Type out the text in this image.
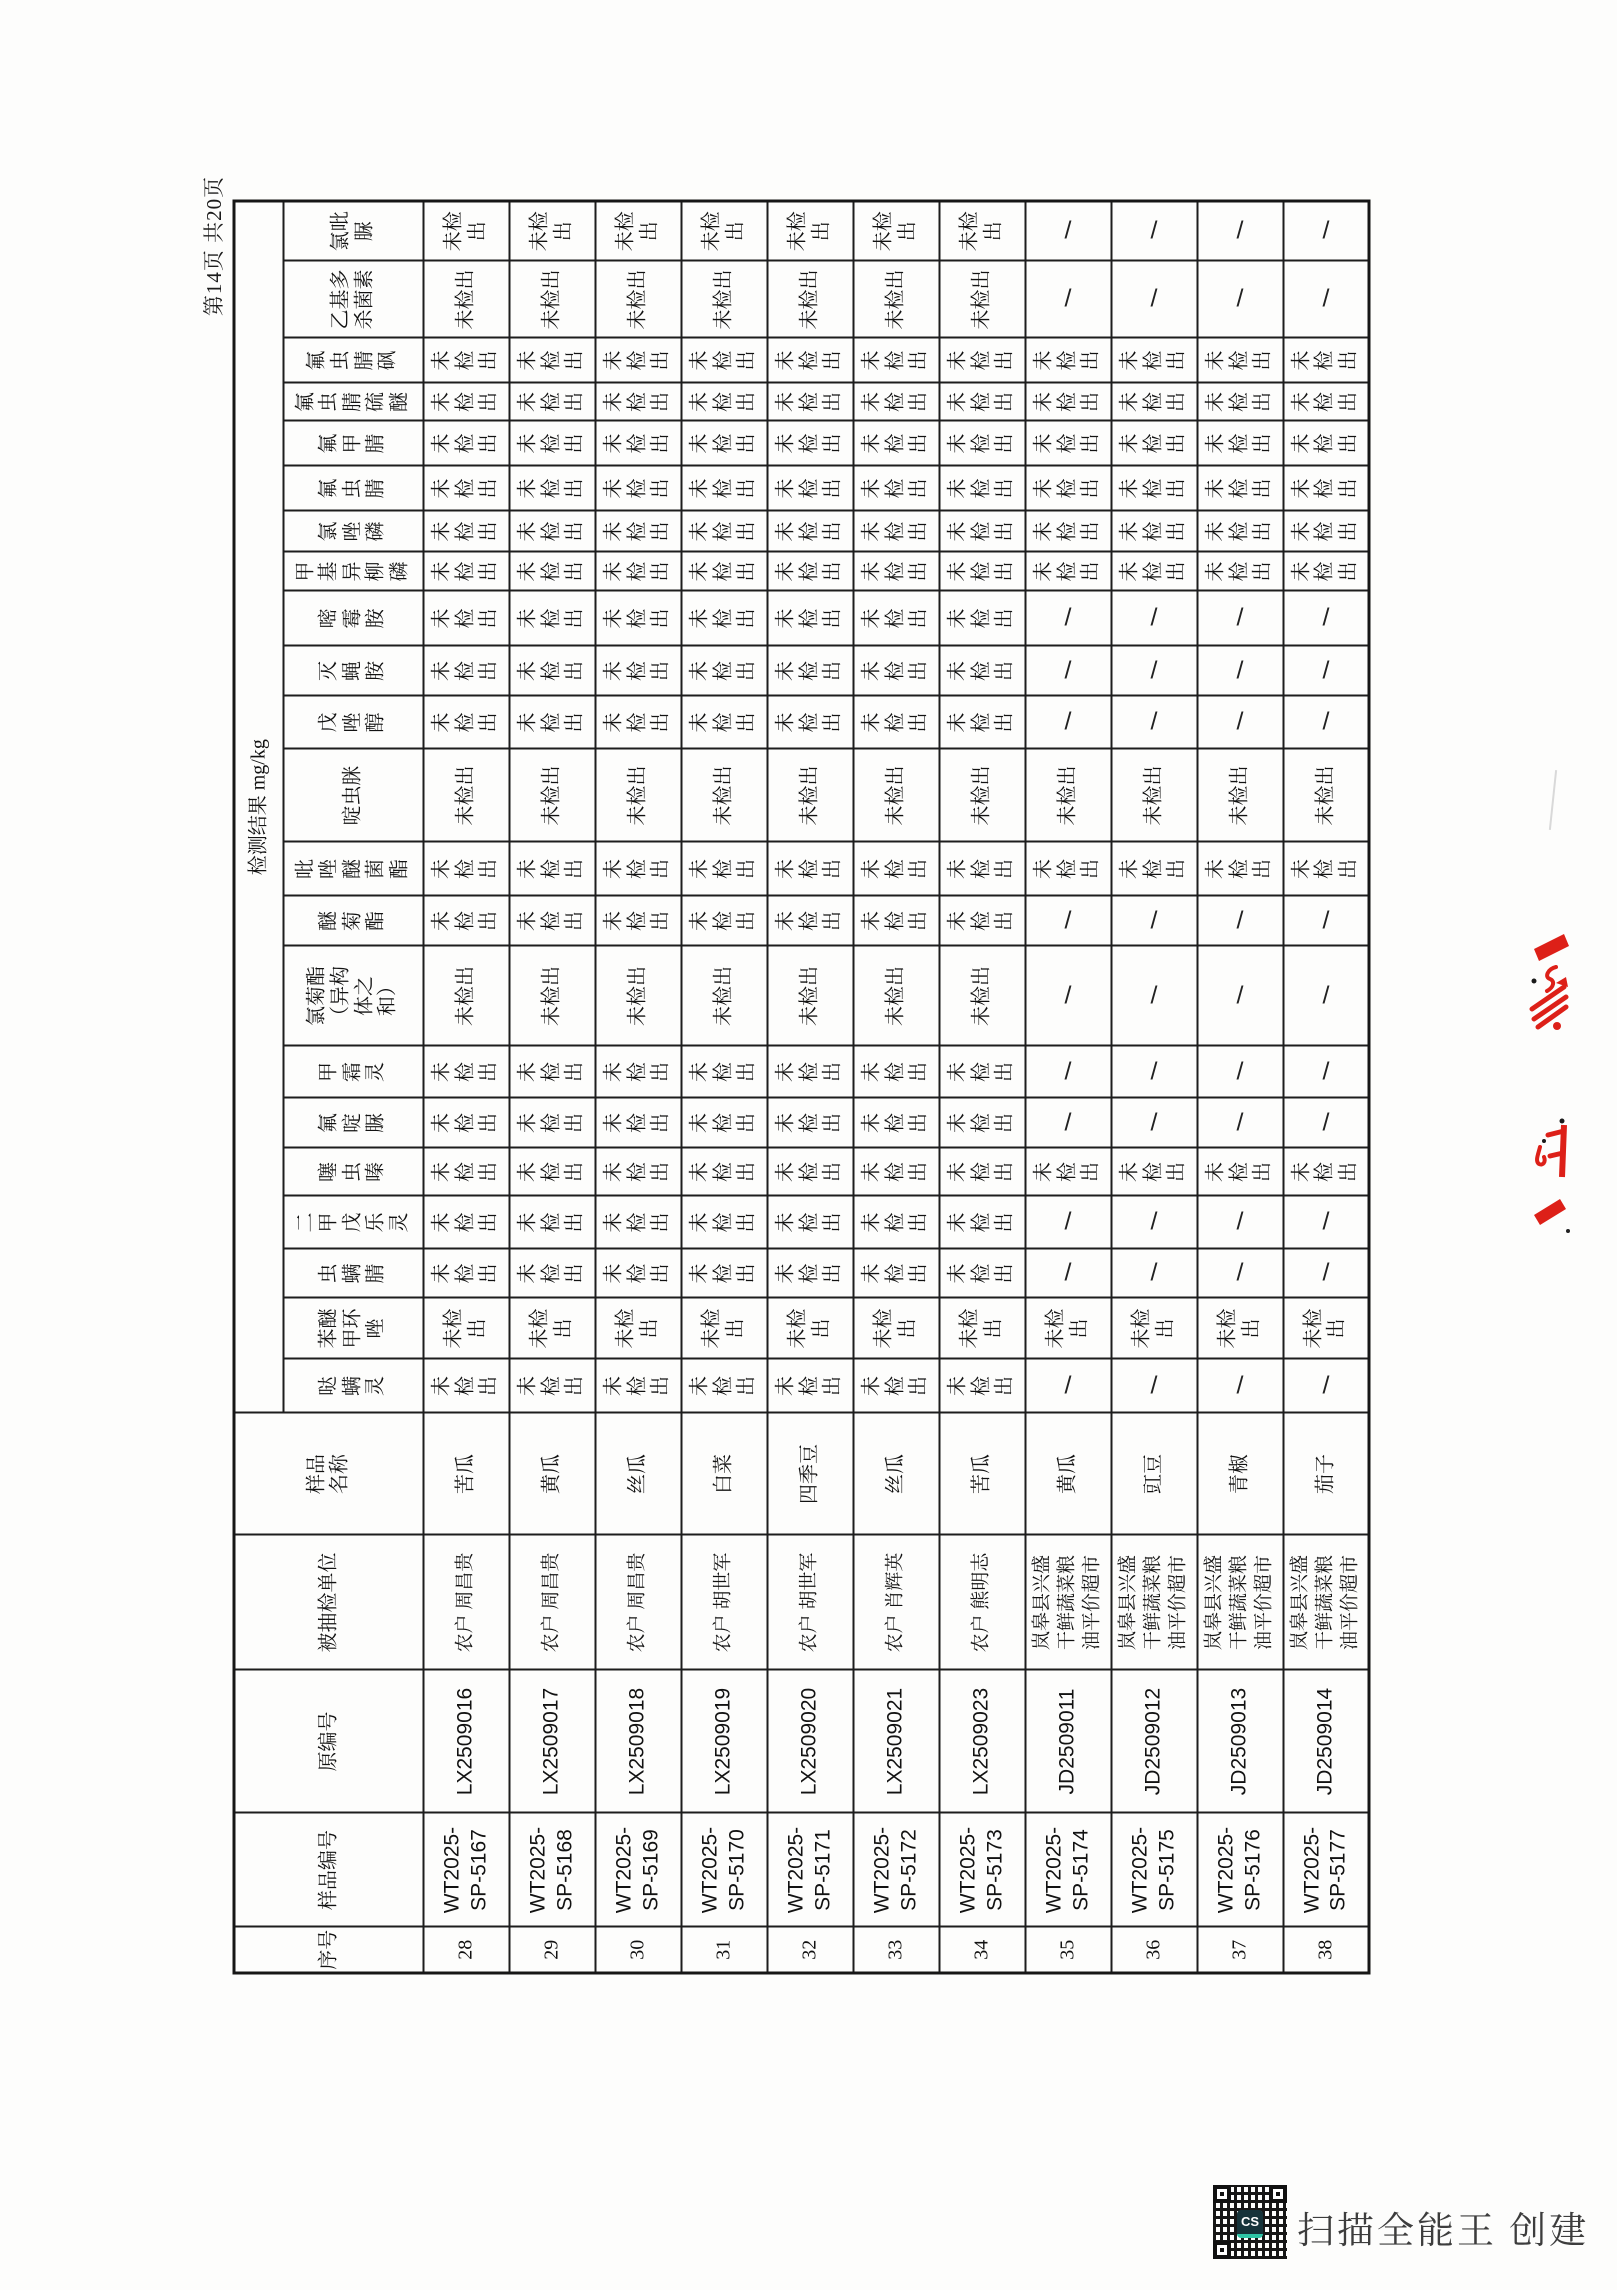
第14页 共20页
序号	样品编号	原编号	被抽检单位	样品名称	检测结果 mg/kg																					
					哒螨灵	苯醚甲环唑	虫螨腈	二甲戊乐灵	噻虫嗪	氟啶脲	甲霜灵	氯菊酯（异构体之和）	醚菊酯	吡唑醚菌酯	啶虫脒	戊唑醇	灭蝇胺	嘧霉胺	甲基异柳磷	氯唑磷	氟虫腈	氟甲腈	氟虫腈硫醚	氟虫腈砜	乙基多杀菌素	氯吡脲
28	WT2025-SP-5167	LX2509016	农户 周昌贵	苦瓜	未检出	未检出	未检出	未检出	未检出	未检出	未检出	未检出	未检出	未检出	未检出	未检出	未检出	未检出	未检出	未检出	未检出	未检出	未检出	未检出	未检出	未检出
29	WT2025-SP-5168	LX2509017	农户 周昌贵	黄瓜	未检出	未检出	未检出	未检出	未检出	未检出	未检出	未检出	未检出	未检出	未检出	未检出	未检出	未检出	未检出	未检出	未检出	未检出	未检出	未检出	未检出	未检出
30	WT2025-SP-5169	LX2509018	农户 周昌贵	丝瓜	未检出	未检出	未检出	未检出	未检出	未检出	未检出	未检出	未检出	未检出	未检出	未检出	未检出	未检出	未检出	未检出	未检出	未检出	未检出	未检出	未检出	未检出
31	WT2025-SP-5170	LX2509019	农户 胡世军	白菜	未检出	未检出	未检出	未检出	未检出	未检出	未检出	未检出	未检出	未检出	未检出	未检出	未检出	未检出	未检出	未检出	未检出	未检出	未检出	未检出	未检出	未检出
32	WT2025-SP-5171	LX2509020	农户 胡世军	四季豆	未检出	未检出	未检出	未检出	未检出	未检出	未检出	未检出	未检出	未检出	未检出	未检出	未检出	未检出	未检出	未检出	未检出	未检出	未检出	未检出	未检出	未检出
33	WT2025-SP-5172	LX2509021	农户 肖辉英	丝瓜	未检出	未检出	未检出	未检出	未检出	未检出	未检出	未检出	未检出	未检出	未检出	未检出	未检出	未检出	未检出	未检出	未检出	未检出	未检出	未检出	未检出	未检出
34	WT2025-SP-5173	LX2509023	农户 熊明志	苦瓜	未检出	未检出	未检出	未检出	未检出	未检出	未检出	未检出	未检出	未检出	未检出	未检出	未检出	未检出	未检出	未检出	未检出	未检出	未检出	未检出	未检出	未检出
35	WT2025-SP-5174	JD2509011	岚皋县兴盛干鲜蔬菜粮油平价超市	黄瓜	/	未检出	/	/	未检出	/	/	/	/	未检出	未检出	/	/	/	未检出	未检出	未检出	未检出	未检出	未检出	/	/
36	WT2025-SP-5175	JD2509012	岚皋县兴盛干鲜蔬菜粮油平价超市	豇豆	/	未检出	/	/	未检出	/	/	/	/	未检出	未检出	/	/	/	未检出	未检出	未检出	未检出	未检出	未检出	/	/
37	WT2025-SP-5176	JD2509013	岚皋县兴盛干鲜蔬菜粮油平价超市	青椒	/	未检出	/	/	未检出	/	/	/	/	未检出	未检出	/	/	/	未检出	未检出	未检出	未检出	未检出	未检出	/	/
38	WT2025-SP-5177	JD2509014	岚皋县兴盛干鲜蔬菜粮油平价超市	茄子	/	未检出	/	/	未检出	/	/	/	/	未检出	未检出	/	/	/	未检出	未检出	未检出	未检出	未检出	未检出	/	/
CS 扫描全能王 创建
